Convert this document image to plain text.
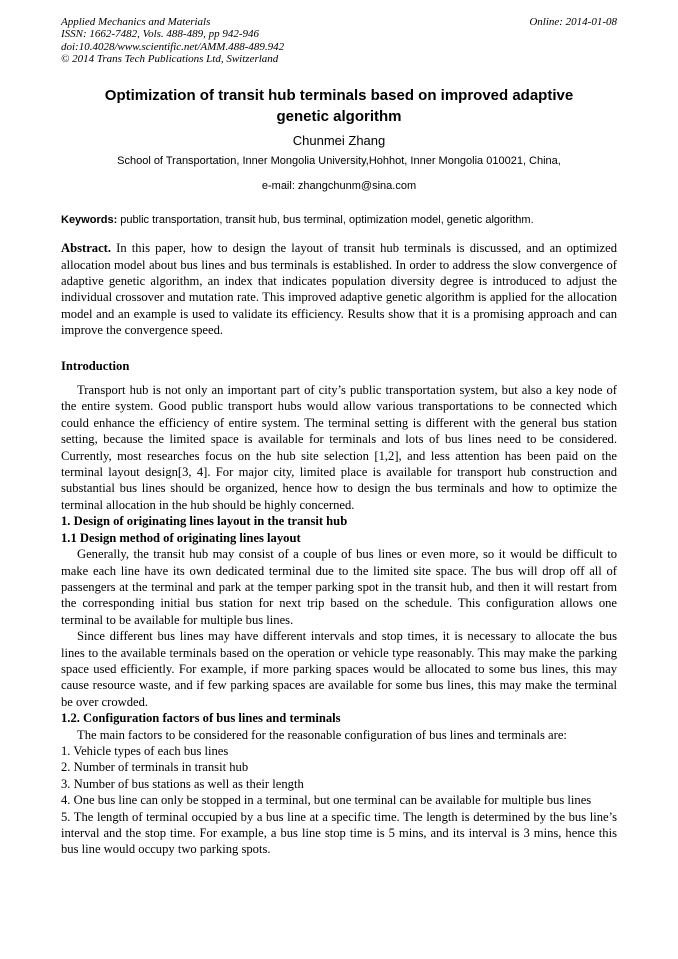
Applied Mechanics and Materials
ISSN: 1662-7482, Vols. 488-489, pp 942-946
doi:10.4028/www.scientific.net/AMM.488-489.942
© 2014 Trans Tech Publications Ltd, Switzerland
Online: 2014-01-08
Optimization of transit hub terminals based on improved adaptive genetic algorithm
Chunmei Zhang
School of Transportation, Inner Mongolia University,Hohhot, Inner Mongolia 010021, China,
e-mail: zhangchunm@sina.com

Keywords: public transportation, transit hub, bus terminal, optimization model, genetic algorithm.

Abstract. In this paper, how to design the layout of transit hub terminals is discussed, and an optimized allocation model about bus lines and bus terminals is established. In order to address the slow convergence of adaptive genetic algorithm, an index that indicates population diversity degree is introduced to adjust the individual crossover and mutation rate. This improved adaptive genetic algorithm is applied for the allocation model and an example is used to validate its efficiency. Results show that it is a promising approach and can improve the convergence speed.

Introduction

Transport hub is not only an important part of city’s public transportation system, but also a key node of the entire system. Good public transport hubs would allow various transportations to be connected which could enhance the efficiency of entire system. The terminal setting is different with the general bus station setting, because the limited space is available for terminals and lots of bus lines need to be considered. Currently, most researches focus on the hub site selection [1,2], and less attention has been paid on the terminal layout design[3, 4]. For major city, limited place is available for transport hub construction and substantial bus lines should be organized, hence how to design the bus terminals and how to optimize the terminal allocation in the hub should be highly concerned.

1. Design of originating lines layout in the transit hub
1.1 Design method of originating lines layout

Generally, the transit hub may consist of a couple of bus lines or even more, so it would be difficult to make each line have its own dedicated terminal due to the limited site space. The bus will drop off all of passengers at the terminal and park at the temper parking spot in the transit hub, and then it will restart from the corresponding initial bus station for next trip based on the schedule. This configuration allows one terminal to be available for multiple bus lines.

Since different bus lines may have different intervals and stop times, it is necessary to allocate the bus lines to the available terminals based on the operation or vehicle type reasonably. This may make the parking space used efficiently. For example, if more parking spaces would be allocated to some bus lines, this may cause resource waste, and if few parking spaces are available for some bus lines, this may make the terminal be over crowded.

1.2. Configuration factors of bus lines and terminals

The main factors to be considered for the reasonable configuration of bus lines and terminals are:

1. Vehicle types of each bus lines
2. Number of terminals in transit hub
3. Number of bus stations as well as their length
4. One bus line can only be stopped in a terminal, but one terminal can be available for multiple bus lines
5. The length of terminal occupied by a bus line at a specific time. The length is determined by the bus line’s interval and the stop time. For example, a bus line stop time is 5 mins, and its interval is 3 mins, hence this bus line would occupy two parking spots.
